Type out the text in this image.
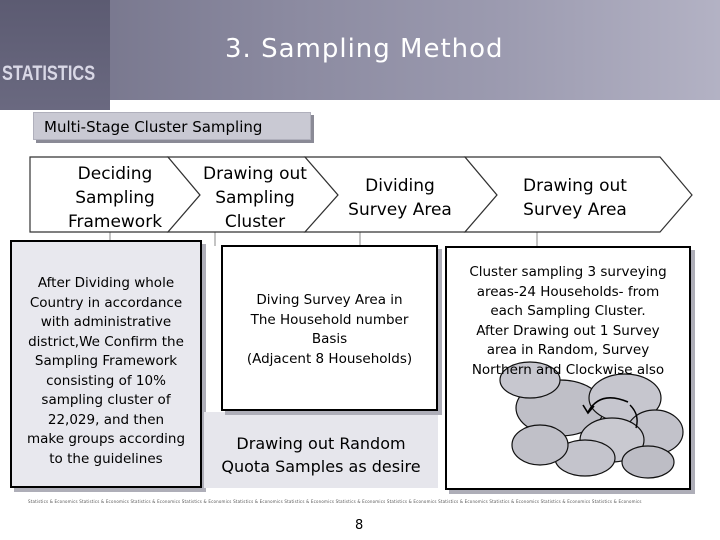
STATISTICS
3. Sampling Method
Multi-Stage Cluster Sampling
Deciding
Sampling
Framework
Drawing out
Sampling
Cluster
Dividing
Survey Area
Drawing out
Survey Area
After Dividing whole
Country in accordance
with administrative
district,We Confirm the
Sampling Framework
consisting of 10%
sampling cluster of
22,029, and then
make groups according
to the guidelines
Drawing out Random
Quota Samples as desire
Diving Survey Area in
The Household number
Basis
(Adjacent 8 Households)
Cluster sampling 3 surveying
areas-24 Households- from
each Sampling Cluster.
After Drawing out 1 Survey
area in Random, Survey
Northern and Clockwise also
Statistics & Economics Statistics & Economics Statistics & Economics Statistics & Economics Statistics & Economics Statistics & Economics Statistics & Economics Statistics & Economics Statistics & Economics Statistics & Economics Statistics & Economics Statistics & Economics
8
